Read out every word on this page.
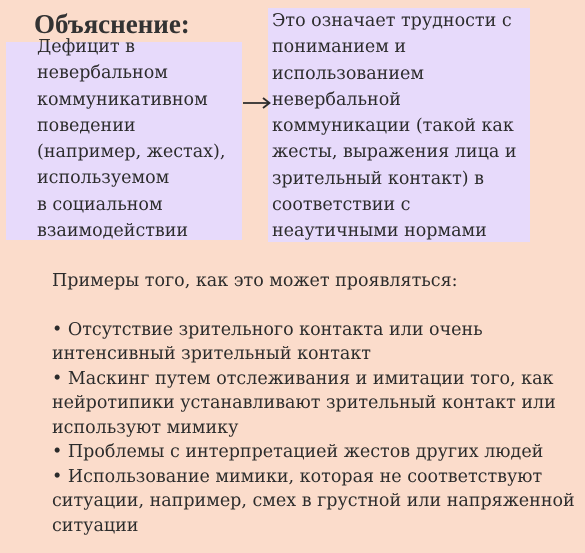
Объяснение:
Дефицит в
невербальном
коммуникативном
поведении
(например, жестах),
используемом
в социальном
взаимодействии
Это означает трудности с
пониманием и
использованием
невербальной
коммуникации (такой как
жесты, выражения лица и
зрительный контакт) в
соответствии с
неаутичными нормами
Примеры того, как это может проявляться:
• Отсутствие зрительного контакта или очень
интенсивный зрительный контакт
• Маскинг путем отслеживания и имитации того, как
нейротипики устанавливают зрительный контакт или
используют мимику
• Проблемы с интерпретацией жестов других людей
• Использование мимики, которая не соответствуют
ситуации, например, смех в грустной или напряженной
ситуации
